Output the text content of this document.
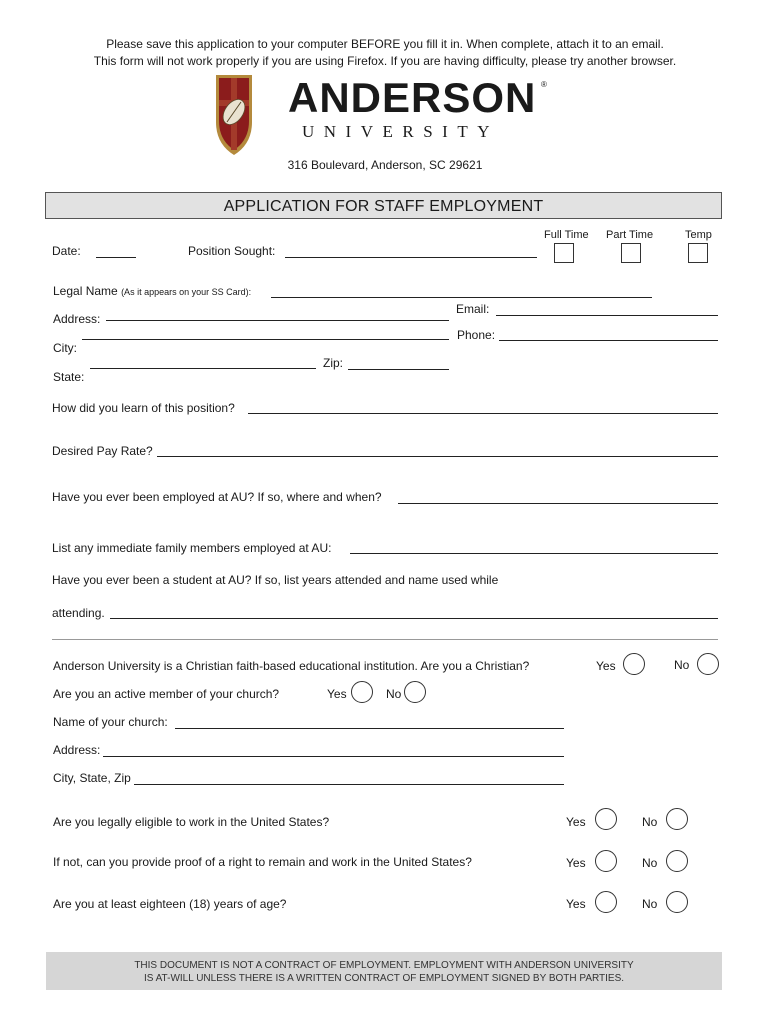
Please save this application to your computer BEFORE you fill it in. When complete, attach it to an email.
This form will not work properly if you are using Firefox. If you are having difficulty, please try another browser.
ANDERSON ®
UNIVERSITY
316 Boulevard, Anderson, SC 29621
APPLICATION FOR STAFF EMPLOYMENT
Date:	Position Sought:
Full Time Part Time	Temp
Legal Name (As it appears on your SS Card):
Address:
Email:
Phone:
City:
Zip:
State:
How did you learn of this position?
Desired Pay Rate?
Have you ever been employed at AU? If so, where and when?
List any immediate family members employed at AU:
Have you ever been a student at AU? If so, list years attended and name used while
attending.
Anderson University is a Christian faith-based educational institution. Are you a Christian?	Yes	No
Are you an active member of your church?	Yes	No
Name of your church:
Address:
City, State, Zip
Are you legally eligible to work in the United States?	Yes	No
If not, can you provide proof of a right to remain and work in the United States?	Yes	No
Are you at least eighteen (18) years of age?	Yes	No
THIS DOCUMENT IS NOT A CONTRACT OF EMPLOYMENT. EMPLOYMENT WITH ANDERSON UNIVERSITY
IS AT-WILL UNLESS THERE IS A WRITTEN CONTRACT OF EMPLOYMENT SIGNED BY BOTH PARTIES.
